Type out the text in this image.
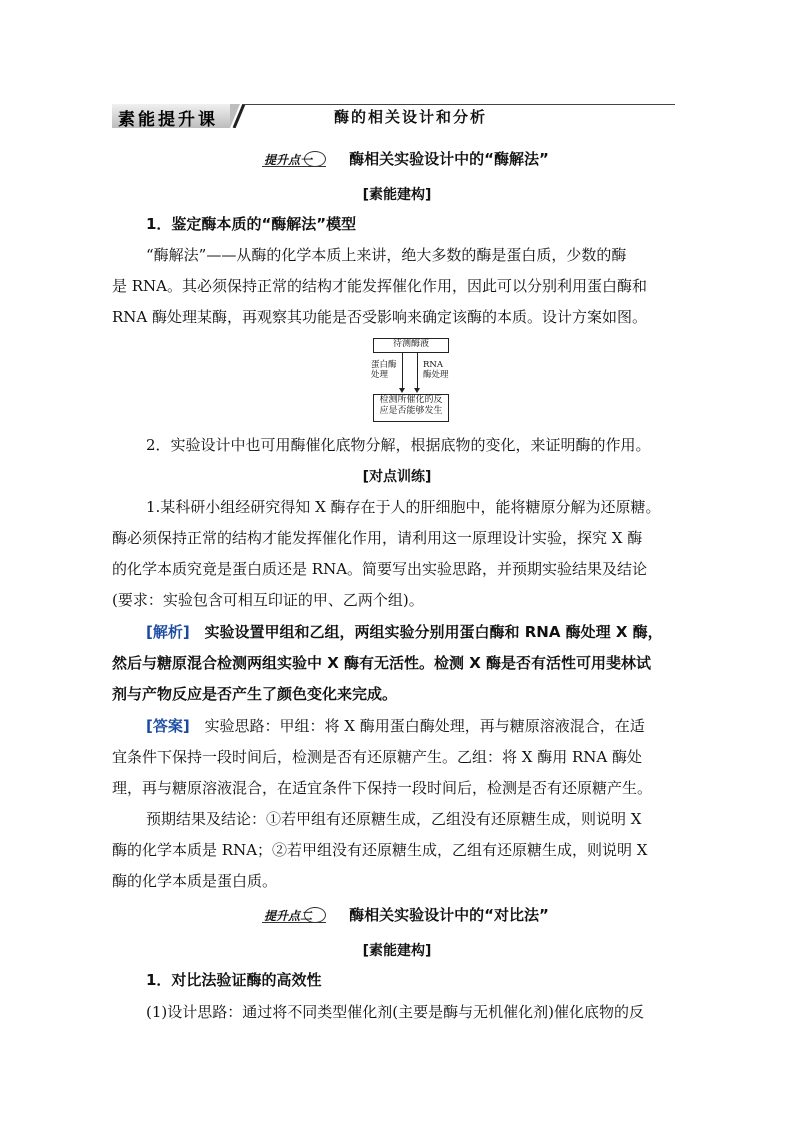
素能提升课	酶的相关设计和分析
提升点一 酶相关实验设计中的“酶解法”
[素能建构]
1．鉴定酶本质的“酶解法”模型
“酶解法”——从酶的化学本质上来讲，绝大多数的酶是蛋白质，少数的酶
是 RNA。其必须保持正常的结构才能发挥催化作用，因此可以分别利用蛋白酶和
RNA 酶处理某酶，再观察其功能是否受影响来确定该酶的本质。设计方案如图。
待测酶液
蛋白酶
处理
RNA
酶处理
检测所催化的反
应是否能够发生
2．实验设计中也可用酶催化底物分解，根据底物的变化，来证明酶的作用。
[对点训练]
1.某科研小组经研究得知 X 酶存在于人的肝细胞中，能将糖原分解为还原糖。
酶必须保持正常的结构才能发挥催化作用，请利用这一原理设计实验，探究 X 酶
的化学本质究竟是蛋白质还是 RNA。简要写出实验思路，并预期实验结果及结论
(要求：实验包含可相互印证的甲、乙两个组)。
[解析] 实验设置甲组和乙组，两组实验分别用蛋白酶和 RNA 酶处理 X 酶，
然后与糖原混合检测两组实验中 X 酶有无活性。检测 X 酶是否有活性可用斐林试
剂与产物反应是否产生了颜色变化来完成。
[答案] 实验思路：甲组：将 X 酶用蛋白酶处理，再与糖原溶液混合，在适
宜条件下保持一段时间后，检测是否有还原糖产生。乙组：将 X 酶用 RNA 酶处
理，再与糖原溶液混合，在适宜条件下保持一段时间后，检测是否有还原糖产生。
预期结果及结论：①若甲组有还原糖生成，乙组没有还原糖生成，则说明 X
酶的化学本质是 RNA；②若甲组没有还原糖生成，乙组有还原糖生成，则说明 X
酶的化学本质是蛋白质。
提升点二 酶相关实验设计中的“对比法”
[素能建构]
1．对比法验证酶的高效性
(1)设计思路：通过将不同类型催化剂(主要是酶与无机催化剂)催化底物的反
